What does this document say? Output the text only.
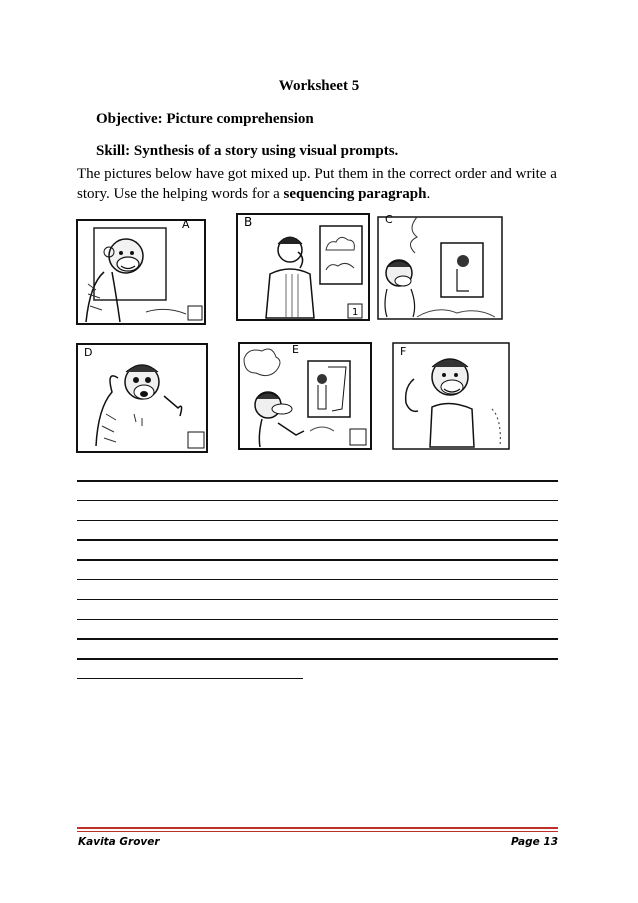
Worksheet 5
Objective: Picture comprehension
Skill: Synthesis of a story using visual prompts.
The pictures below have got mixed up. Put them in the correct order and write a story. Use the helping words for a sequencing paragraph.
A
1
B	C
D	E	F
Kavita Grover	Page 13
